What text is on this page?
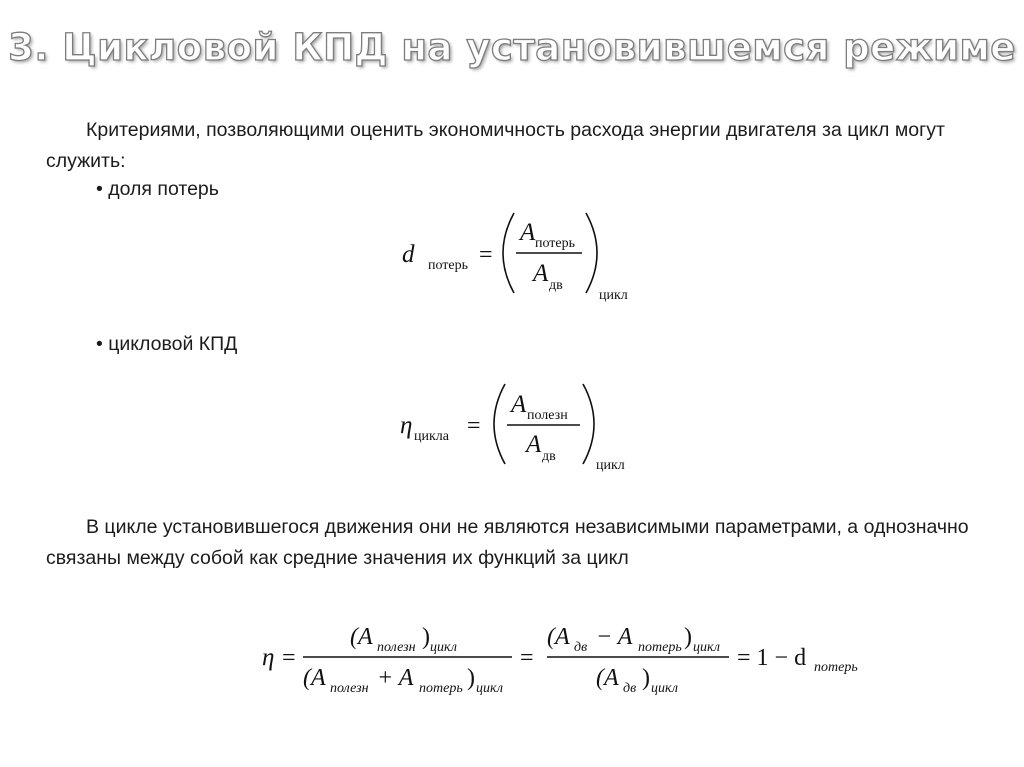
3. Цикловой КПД на установившемся режиме

Критериями, позволяющими оценить экономичность расхода энергии двигателя за цикл могут служить:

• доля потерь
d потерь =
A потерь
A дв
цикл
• цикловой КПД
η цикла =
A полезн
A дв
цикл

В цикле установившегося движения они не являются независимыми параметрами, а однозначно связаны между собой как средние значения их функций за цикл

η =
(A полезн ) цикл
(A полезн + A потерь ) цикл
=
(A дв − A потерь ) цикл
(A дв ) цикл
= 1 − d потерь
